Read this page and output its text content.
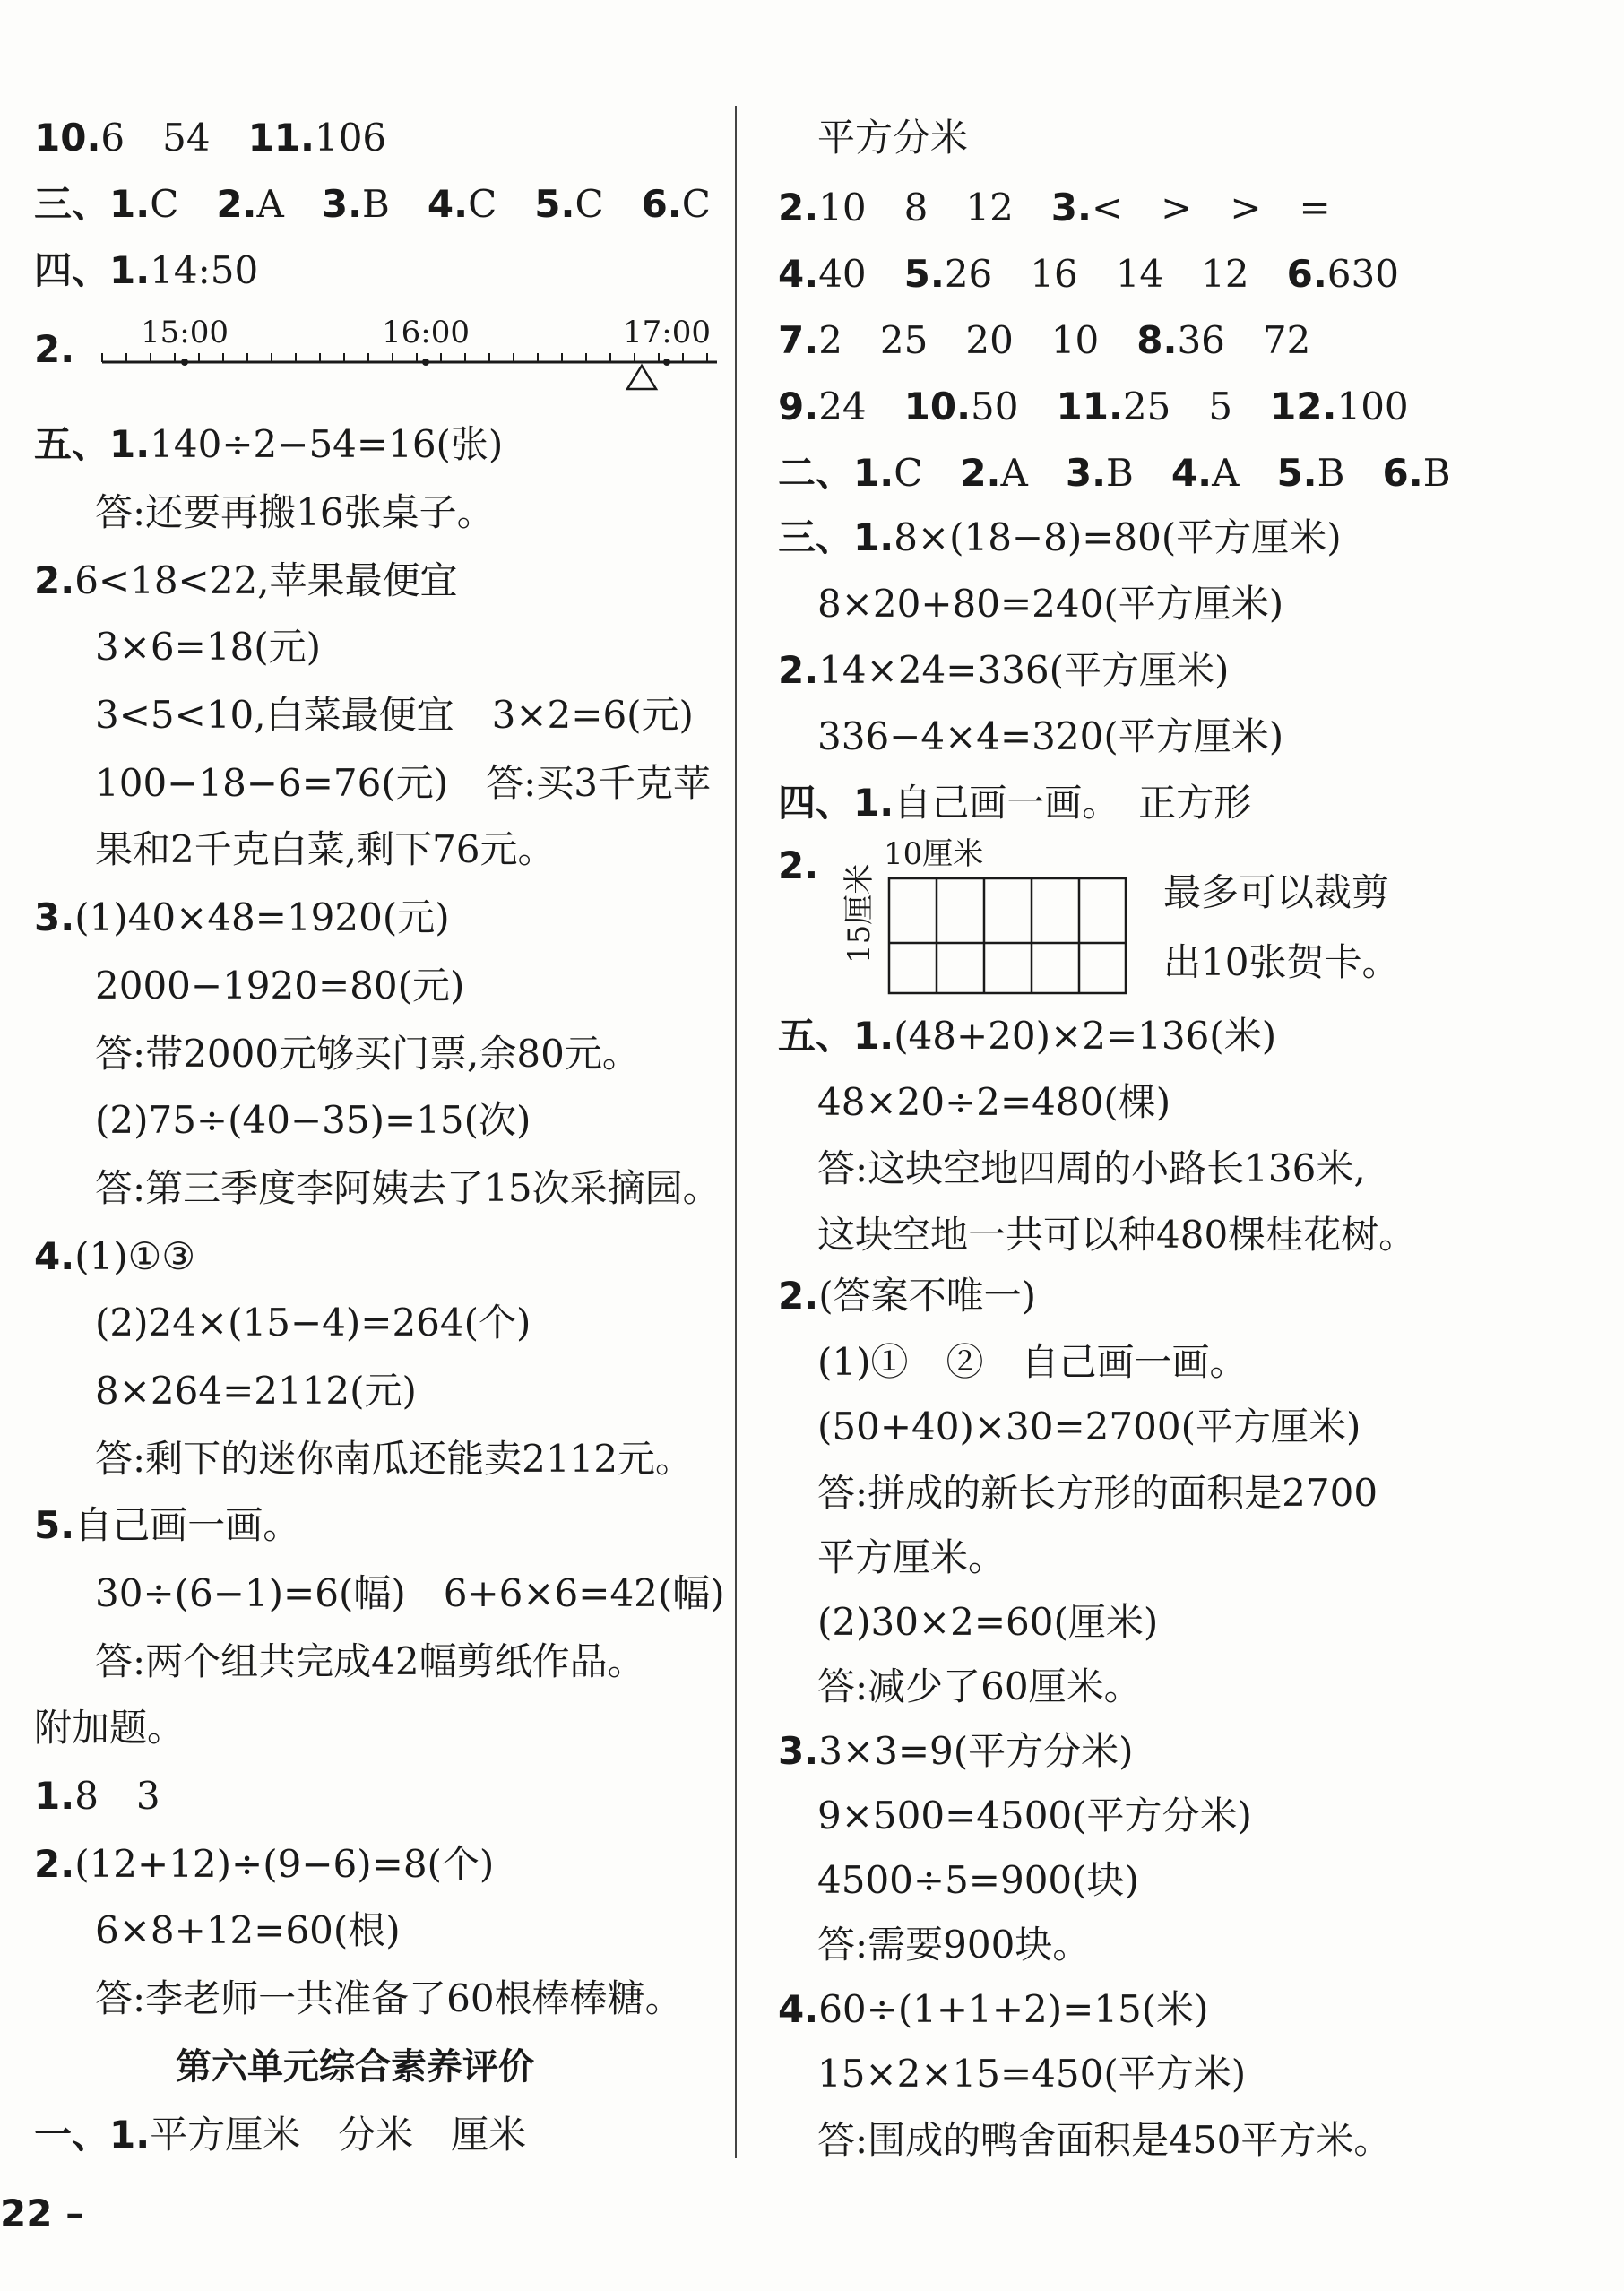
10.6　54　11.106
三、1.C　2.A　3.B　4.C　5.C　6.C
四、1.14:50
2. 15:00	16:00	17:00
五、1.140÷2−54=16(张)
答:还要再搬16张桌子。
2.6<18<22,苹果最便宜
3×6=18(元)
3<5<10,白菜最便宜　3×2=6(元)
100−18−6=76(元)　答:买3千克苹
果和2千克白菜,剩下76元。
3.(1)40×48=1920(元)
2000−1920=80(元)
答:带2000元够买门票,余80元。
(2)75÷(40−35)=15(次)
答:第三季度李阿姨去了15次采摘园。
4.(1)①③
(2)24×(15−4)=264(个)
8×264=2112(元)
答:剩下的迷你南瓜还能卖2112元。
5.自己画一画。
30÷(6−1)=6(幅)　6+6×6=42(幅)
答:两个组共完成42幅剪纸作品。
附加题。
1.8　3
2.(12+12)÷(9−6)=8(个)
6×8+12=60(根)
答:李老师一共准备了60根棒棒糖。
第六单元综合素养评价
一、1.平方厘米　分米　厘米
平方分米
2.10　8　12　3.<　>　>　=
4.40　5.26　16　14　12　6.630
7.2　25　20　10　8.36　72
9.24　10.50　11.25　5　12.100
二、1.C　2.A　3.B　4.A　5.B　6.B
三、1.8×(18−8)=80(平方厘米)
8×20+80=240(平方厘米)
2.14×24=336(平方厘米)
336−4×4=320(平方厘米)
四、1.自己画一画。　正方形
2. 10厘米
15厘米	最多可以裁剪
出10张贺卡。
五、1.(48+20)×2=136(米)
48×20÷2=480(棵)
答:这块空地四周的小路长136米,
这块空地一共可以种480棵桂花树。
2.(答案不唯一)
(1)①　②　自己画一画。
(50+40)×30=2700(平方厘米)
答:拼成的新长方形的面积是2700
平方厘米。
(2)30×2=60(厘米)
答:减少了60厘米。
3.3×3=9(平方分米)
9×500=4500(平方分米)
4500÷5=900(块)
答:需要900块。
4.60÷(1+1+2)=15(米)
15×2×15=450(平方米)
答:围成的鸭舍面积是450平方米。
22 –
